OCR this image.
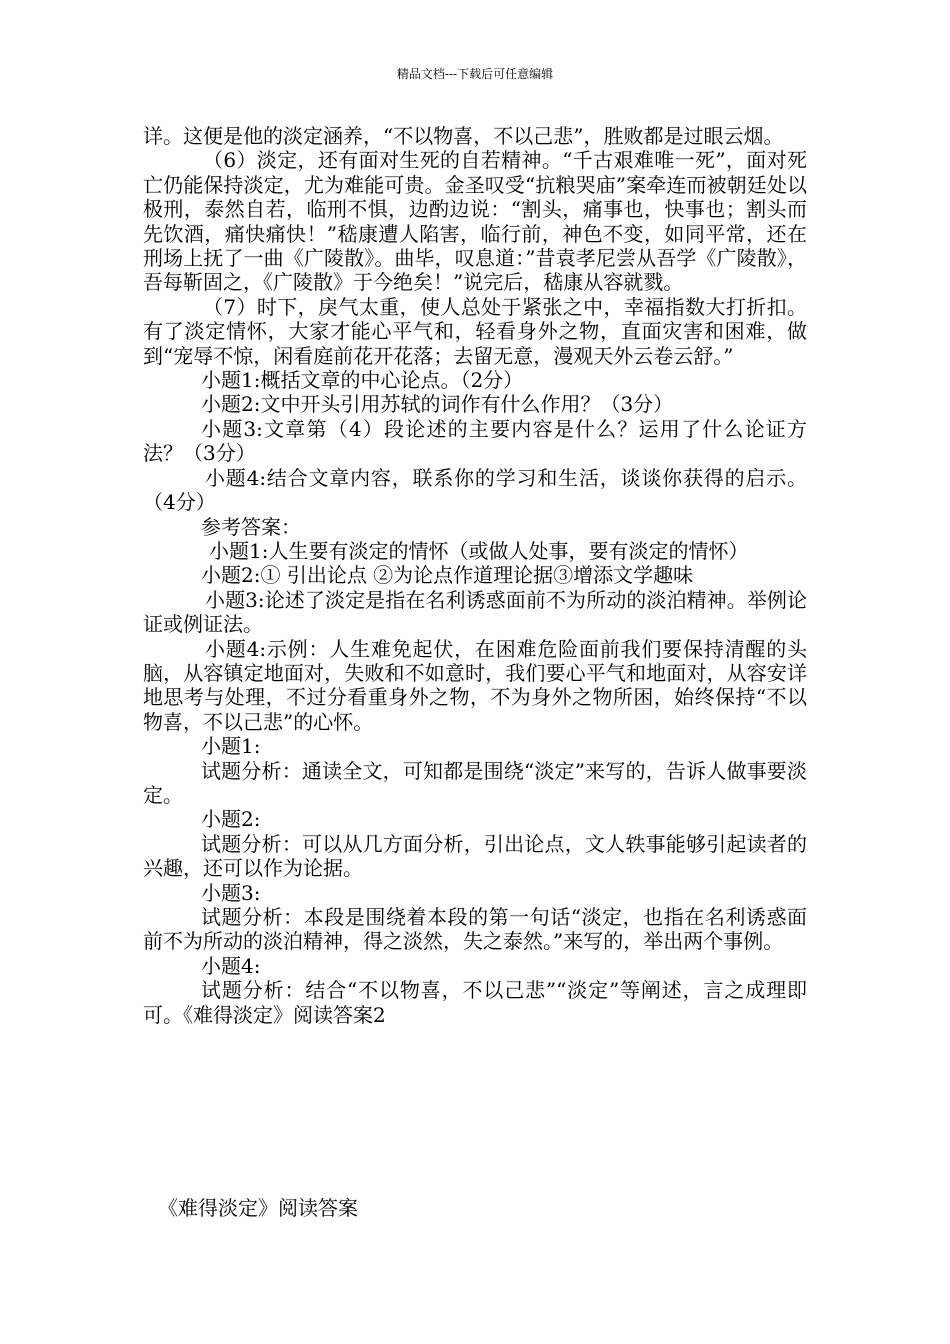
精品文档---下载后可任意编辑

详。这便是他的淡定涵养，“不以物喜，不以己悲”，胜败都是过眼云烟。

（6）淡定，还有面对生死的自若精神。“千古艰难唯一死”，面对死亡仍能保持淡定，尤为难能可贵。金圣叹受“抗粮哭庙”案牵连而被朝廷处以极刑，泰然自若，临刑不惧，边酌边说：“割头，痛事也，快事也；割头而先饮酒，痛快痛快！”嵇康遭人陷害，临行前，神色不变，如同平常，还在刑场上抚了一曲《广陵散》。曲毕，叹息道：”昔袁孝尼尝从吾学《广陵散》，吾每靳固之，《广陵散》于今绝矣！”说完后，嵇康从容就戮。

（7）时下，戾气太重，使人总处于紧张之中，幸福指数大打折扣。有了淡定情怀，大家才能心平气和，轻看身外之物，直面灾害和困难，做到“宠辱不惊，闲看庭前花开花落；去留无意，漫观天外云卷云舒。”

小题1:概括文章的中心论点。（2分）

小题2:文中开头引用苏轼的词作有什么作用？（3分）

小题3:文章第（4）段论述的主要内容是什么？运用了什么论证方法？（3分）

小题4:结合文章内容，联系你的学习和生活，谈谈你获得的启示。（4分）

参考答案：

小题1:人生要有淡定的情怀（或做人处事，要有淡定的情怀）

小题2:① 引出论点 ②为论点作道理论据③增添文学趣味

小题3:论述了淡定是指在名利诱惑面前不为所动的淡泊精神。举例论证或例证法。

小题4:示例：人生难免起伏，在困难危险面前我们要保持清醒的头脑，从容镇定地面对，失败和不如意时，我们要心平气和地面对，从容安详地思考与处理，不过分看重身外之物，不为身外之物所困，始终保持“不以物喜，不以己悲”的心怀。

小题1:

试题分析：通读全文，可知都是围绕“淡定”来写的，告诉人做事要淡定。

小题2:

试题分析：可以从几方面分析，引出论点，文人轶事能够引起读者的兴趣，还可以作为论据。

小题3:

试题分析：本段是围绕着本段的第一句话“淡定，也指在名利诱惑面前不为所动的淡泊精神，得之淡然，失之泰然。”来写的，举出两个事例。

小题4:

试题分析：结合“不以物喜，不以己悲”“淡定”等阐述，言之成理即可。《难得淡定》阅读答案2

《难得淡定》阅读答案
